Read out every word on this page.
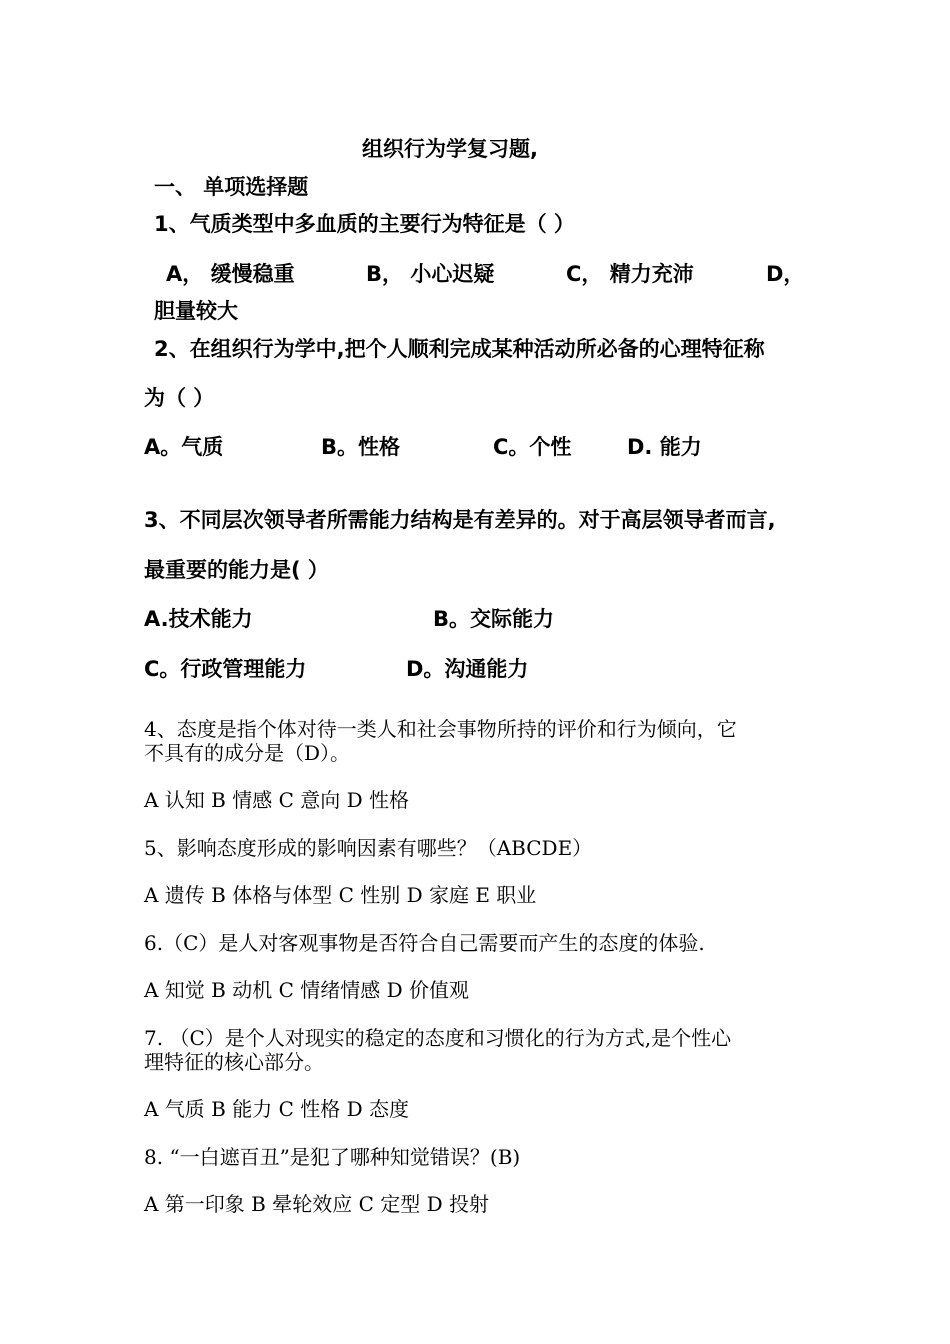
组织行为学复习题,
一、 单项选择题
1、气质类型中多血质的主要行为特征是（ ）
A， 缓慢稳重	B， 小心迟疑	C， 精力充沛	D，
胆量较大
2、在组织行为学中,把个人顺利完成某种活动所必备的心理特征称
为（ ）
A。气质	B。性格	C。个性	D. 能力
3、不同层次领导者所需能力结构是有差异的。对于高层领导者而言,
最重要的能力是( ）
A.技术能力	B。交际能力
C。行政管理能力	D。沟通能力
4、态度是指个体对待一类人和社会事物所持的评价和行为倾向，它
不具有的成分是（D）。
A 认知 B 情感 C 意向 D 性格
5、影响态度形成的影响因素有哪些？（ABCDE）
A 遗传 B 体格与体型 C 性别 D 家庭 E 职业
6.（C）是人对客观事物是否符合自己需要而产生的态度的体验.
A 知觉 B 动机 C 情绪情感 D 价值观
7. （C）是个人对现实的稳定的态度和习惯化的行为方式,是个性心
理特征的核心部分。
A 气质 B 能力 C 性格 D 态度
8. “一白遮百丑”是犯了哪种知觉错误？(B)
A 第一印象 B 晕轮效应 C 定型 D 投射
